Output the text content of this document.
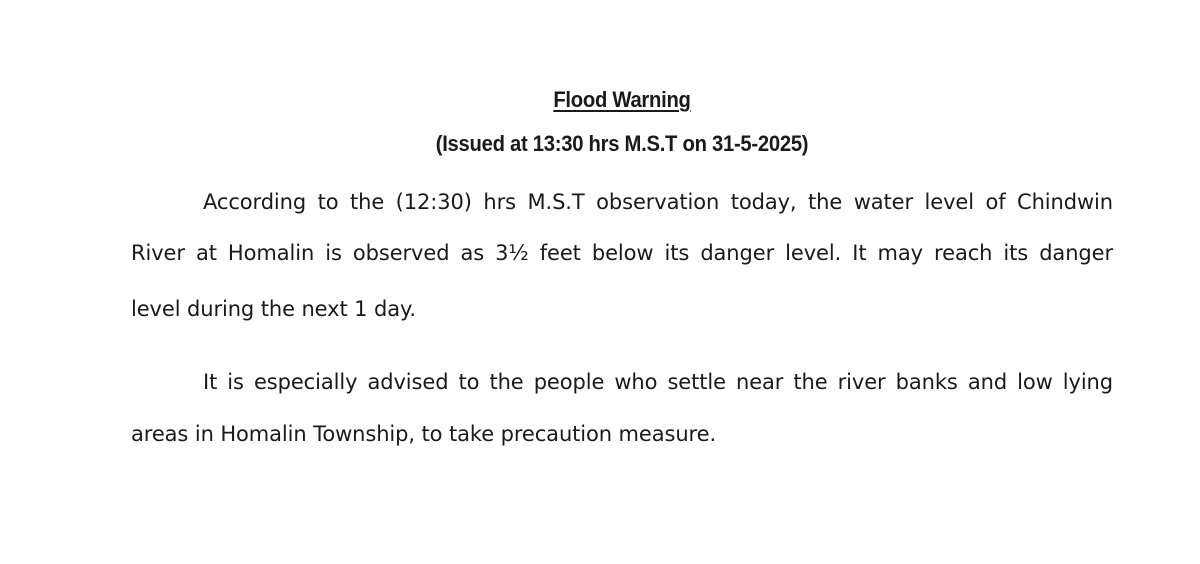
Flood Warning
(Issued at 13:30 hrs M.S.T on 31-5-2025)
According to the (12:30) hrs M.S.T observation today, the water level of Chindwin
River at Homalin is observed as 3½ feet below its danger level. It may reach its danger
level during the next 1 day.
It is especially advised to the people who settle near the river banks and low lying
areas in Homalin Township, to take precaution measure.
